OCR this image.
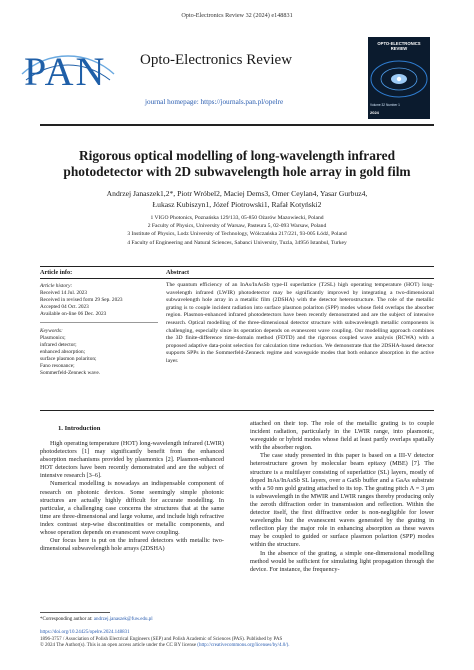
Opto-Electronics Review 32 (2024) e148831
PAN Opto-Electronics Review
journal homepage: https://journals.pan.pl/opelre
OPTO-ELECTRONICS REVIEW
Volume 32 Number 1
2024
Rigorous optical modelling of long-wavelength infrared
photodetector with 2D subwavelength hole array in gold film
Andrzej Janaszek1,2*, Piotr Wróbel2, Maciej Dems3, Omer Ceylan4, Yasar Gurbuz4,
Łukasz Kubiszyn1, Józef Piotrowski1, Rafał Kotyński2
1 VIGO Photonics, Poznańska 129/133, 05-850 Ożarów Mazowiecki, Poland
2 Faculty of Physics, University of Warsaw, Pasteura 5, 02-093 Warsaw, Poland
3 Institute of Physics, Lodz University of Technology, Wólczańska 217/221, 93-005 Łódź, Poland
4 Faculty of Engineering and Natural Sciences, Sabanci University, Tuzla, 34956 Istanbul, Turkey
Article info:	Abstract
Article history:
Received 14 Jul. 2023
Received in revised form 29 Sep. 2023
Accepted 04 Oct. 2023
Available on-line 06 Dec. 2023
Keywords:
Plasmonics;
infrared detector;
enhanced absorption;
surface plasmon polariton;
Fano resonance;
Sommerfeld-Zenneck wave.
The quantum efficiency of an InAs/InAsSb type-II superlattice (T2SL) high operating temperature (HOT) long-wavelength infrared (LWIR) photodetector may be significantly improved by integrating a two-dimensional subwavelength hole array in a metallic film (2DSHA) with the detector heterostructure. The role of the metallic grating is to couple incident radiation into surface plasmon polariton (SPP) modes whose field overlaps the absorber region. Plasmon-enhanced infrared photodetectors have been recently demonstrated and are the subject of intensive research. Optical modelling of the three-dimensional detector structure with subwavelength metallic components is challenging, especially since its operation depends on evanescent wave coupling. Our modelling approach combines the 3D finite-difference time-domain method (FDTD) and the rigorous coupled wave analysis (RCWA) with a proposed adaptive data-point selection for calculation time reduction. We demonstrate that the 2DSHA-based detector supports SPPs in the Sommerfeld-Zenneck regime and waveguide modes that both enhance absorption in the active layer.
1. Introduction

High operating temperature (HOT) long-wavelength infrared (LWIR) photodetectors [1] may significantly benefit from the enhanced absorption mechanisms provided by plasmonics [2]. Plasmon-enhanced HOT detectors have been recently demonstrated and are the subject of intensive research [3–6].

Numerical modelling is nowadays an indispensable component of research on photonic devices. Some seemingly simple photonic structures are actually highly difficult for accurate modelling. In particular, a challenging case concerns the structures that at the same time are three-dimensional and large volume, and include high refractive index contrast step-wise discontinuities or metallic components, and whose operation depends on evanescent wave coupling.

Our focus here is put on the infrared detectors with metallic two-dimensional subwavelength hole arrays (2DSHA)

attached on their top. The role of the metallic grating is to couple incident radiation, particularly in the LWIR range, into plasmonic, waveguide or hybrid modes whose field at least partly overlaps spatially with the absorber region.

The case study presented in this paper is based on a III-V detector heterostructure grown by molecular beam epitaxy (MBE) [7]. The structure is a multilayer consisting of superlattice (SL) layers, mostly of doped InAs/InAsSb SL layers, over a GaSb buffer and a GaAs substrate with a 50 nm gold grating attached to its top. The grating pitch Λ = 3 μm is subwavelength in the MWIR and LWIR ranges thereby producing only the zeroth diffraction order in transmission and reflection. Within the detector itself, the first diffractive order is non-negligible for lower wavelengths but the evanescent waves generated by the grating in reflection play the major role in enhancing absorption as these waves may be coupled to guided or surface plasmon polariton (SPP) modes within the structure.

In the absence of the grating, a simple one-dimensional modelling method would be sufficient for simulating light propagation through the device. For instance, the frequency-

*Corresponding author at: andrzej.janaszek@fuw.edu.pl
https://doi.org/10.24425/opelre.2024.148831
1896-3757 / Association of Polish Electrical Engineers (SEP) and Polish Academic of Sciences (PAS). Published by PAS
© 2024 The Author(s). This is an open access article under the CC BY license (http://creativecommons.org/licenses/by/4.0/).
